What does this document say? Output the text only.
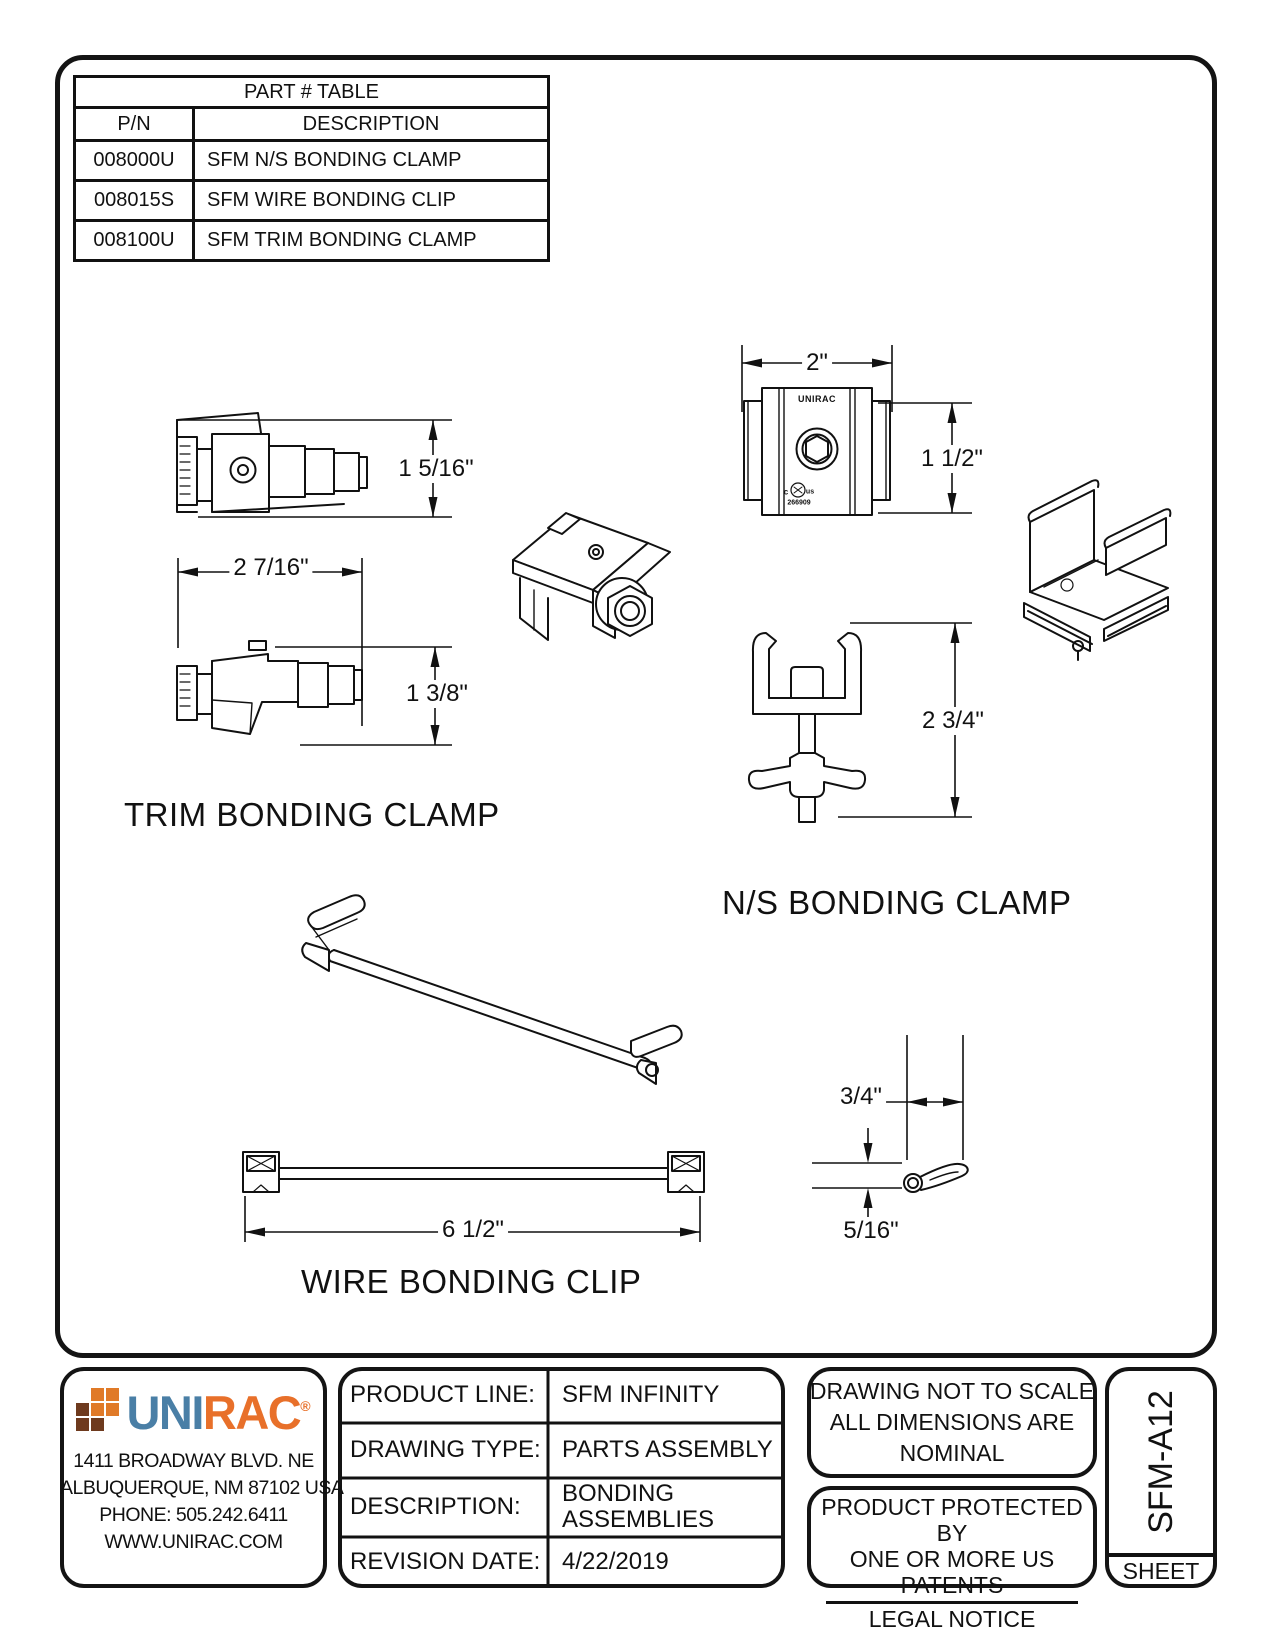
PART # TABLE	
P/N	DESCRIPTION
008000U	SFM N/S BONDING CLAMP
008015S	SFM WIRE BONDING CLIP
008100U	SFM TRIM BONDING CLAMP
1 5/16"
2 7/16"
1 3/8"
2"
1 1/2"
2 3/4"
6 1/2"
3/4"
5/16"
UNIRAC
c	us
266909
TRIM BONDING CLAMP
N/S BONDING CLAMP
WIRE BONDING CLIP
UNIRAC®
1411 BROADWAY BLVD. NE
ALBUQUERQUE, NM 87102 USA
PHONE: 505.242.6411
WWW.UNIRAC.COM
PRODUCT LINE: SFM INFINITY
DRAWING TYPE: PARTS ASSEMBLY
DESCRIPTION: BONDING ASSEMBLIES
REVISION DATE: 4/22/2019
DRAWING NOT TO SCALE
ALL DIMENSIONS ARE
NOMINAL
PRODUCT PROTECTED BY
ONE OR MORE US PATENTS
LEGAL NOTICE
SFM-A12
SHEET
